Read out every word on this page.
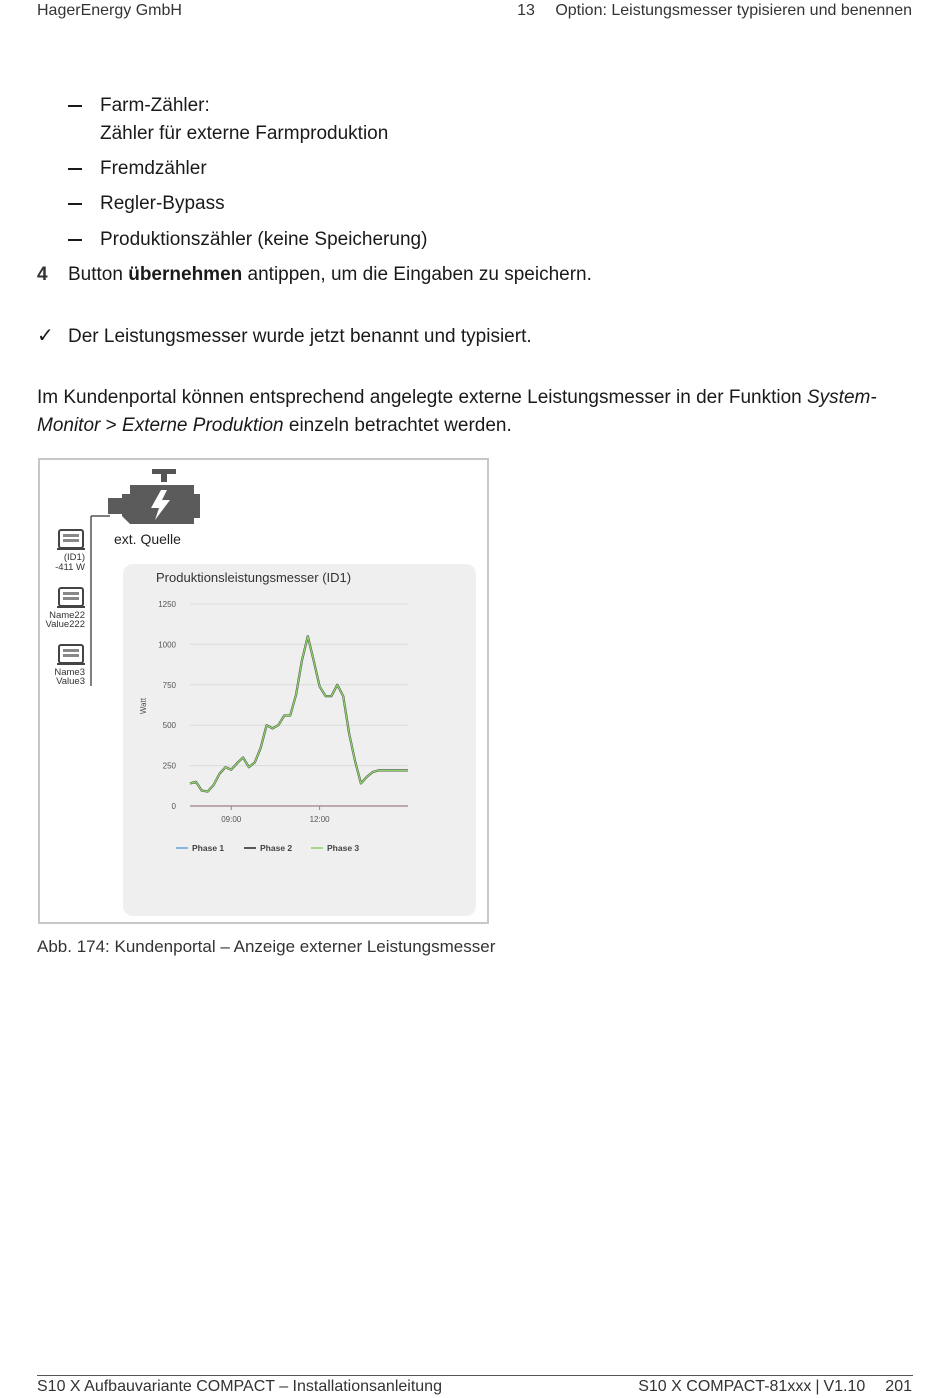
HagerEnergy GmbH	13 Option: Leistungsmesser typisieren und benennen
Farm-Zähler:
Zähler für externe Farmproduktion
Fremdzähler
Regler-Bypass
Produktionszähler (keine Speicherung)
4 Button übernehmen antippen, um die Eingaben zu speichern.
✓ Der Leistungsmesser wurde jetzt benannt und typisiert.
Im Kundenportal können entsprechend angelegte externe Leistungsmesser in der Funktion System-Monitor > Externe Produktion einzeln betrachtet werden.
ext. Quelle
(ID1)
-411 W
Name22
Value222
Name3
Value3
Produktionsleistungsmesser (ID1)
Watt
1250
1000
750
500
250
0
09:00	12:00
Phase 1	Phase 2	Phase 3
Abb. 174: Kundenportal – Anzeige externer Leistungsmesser
S10 X Aufbauvariante COMPACT – Installationsanleitung	S10 X COMPACT-81xxx | V1.10 201
